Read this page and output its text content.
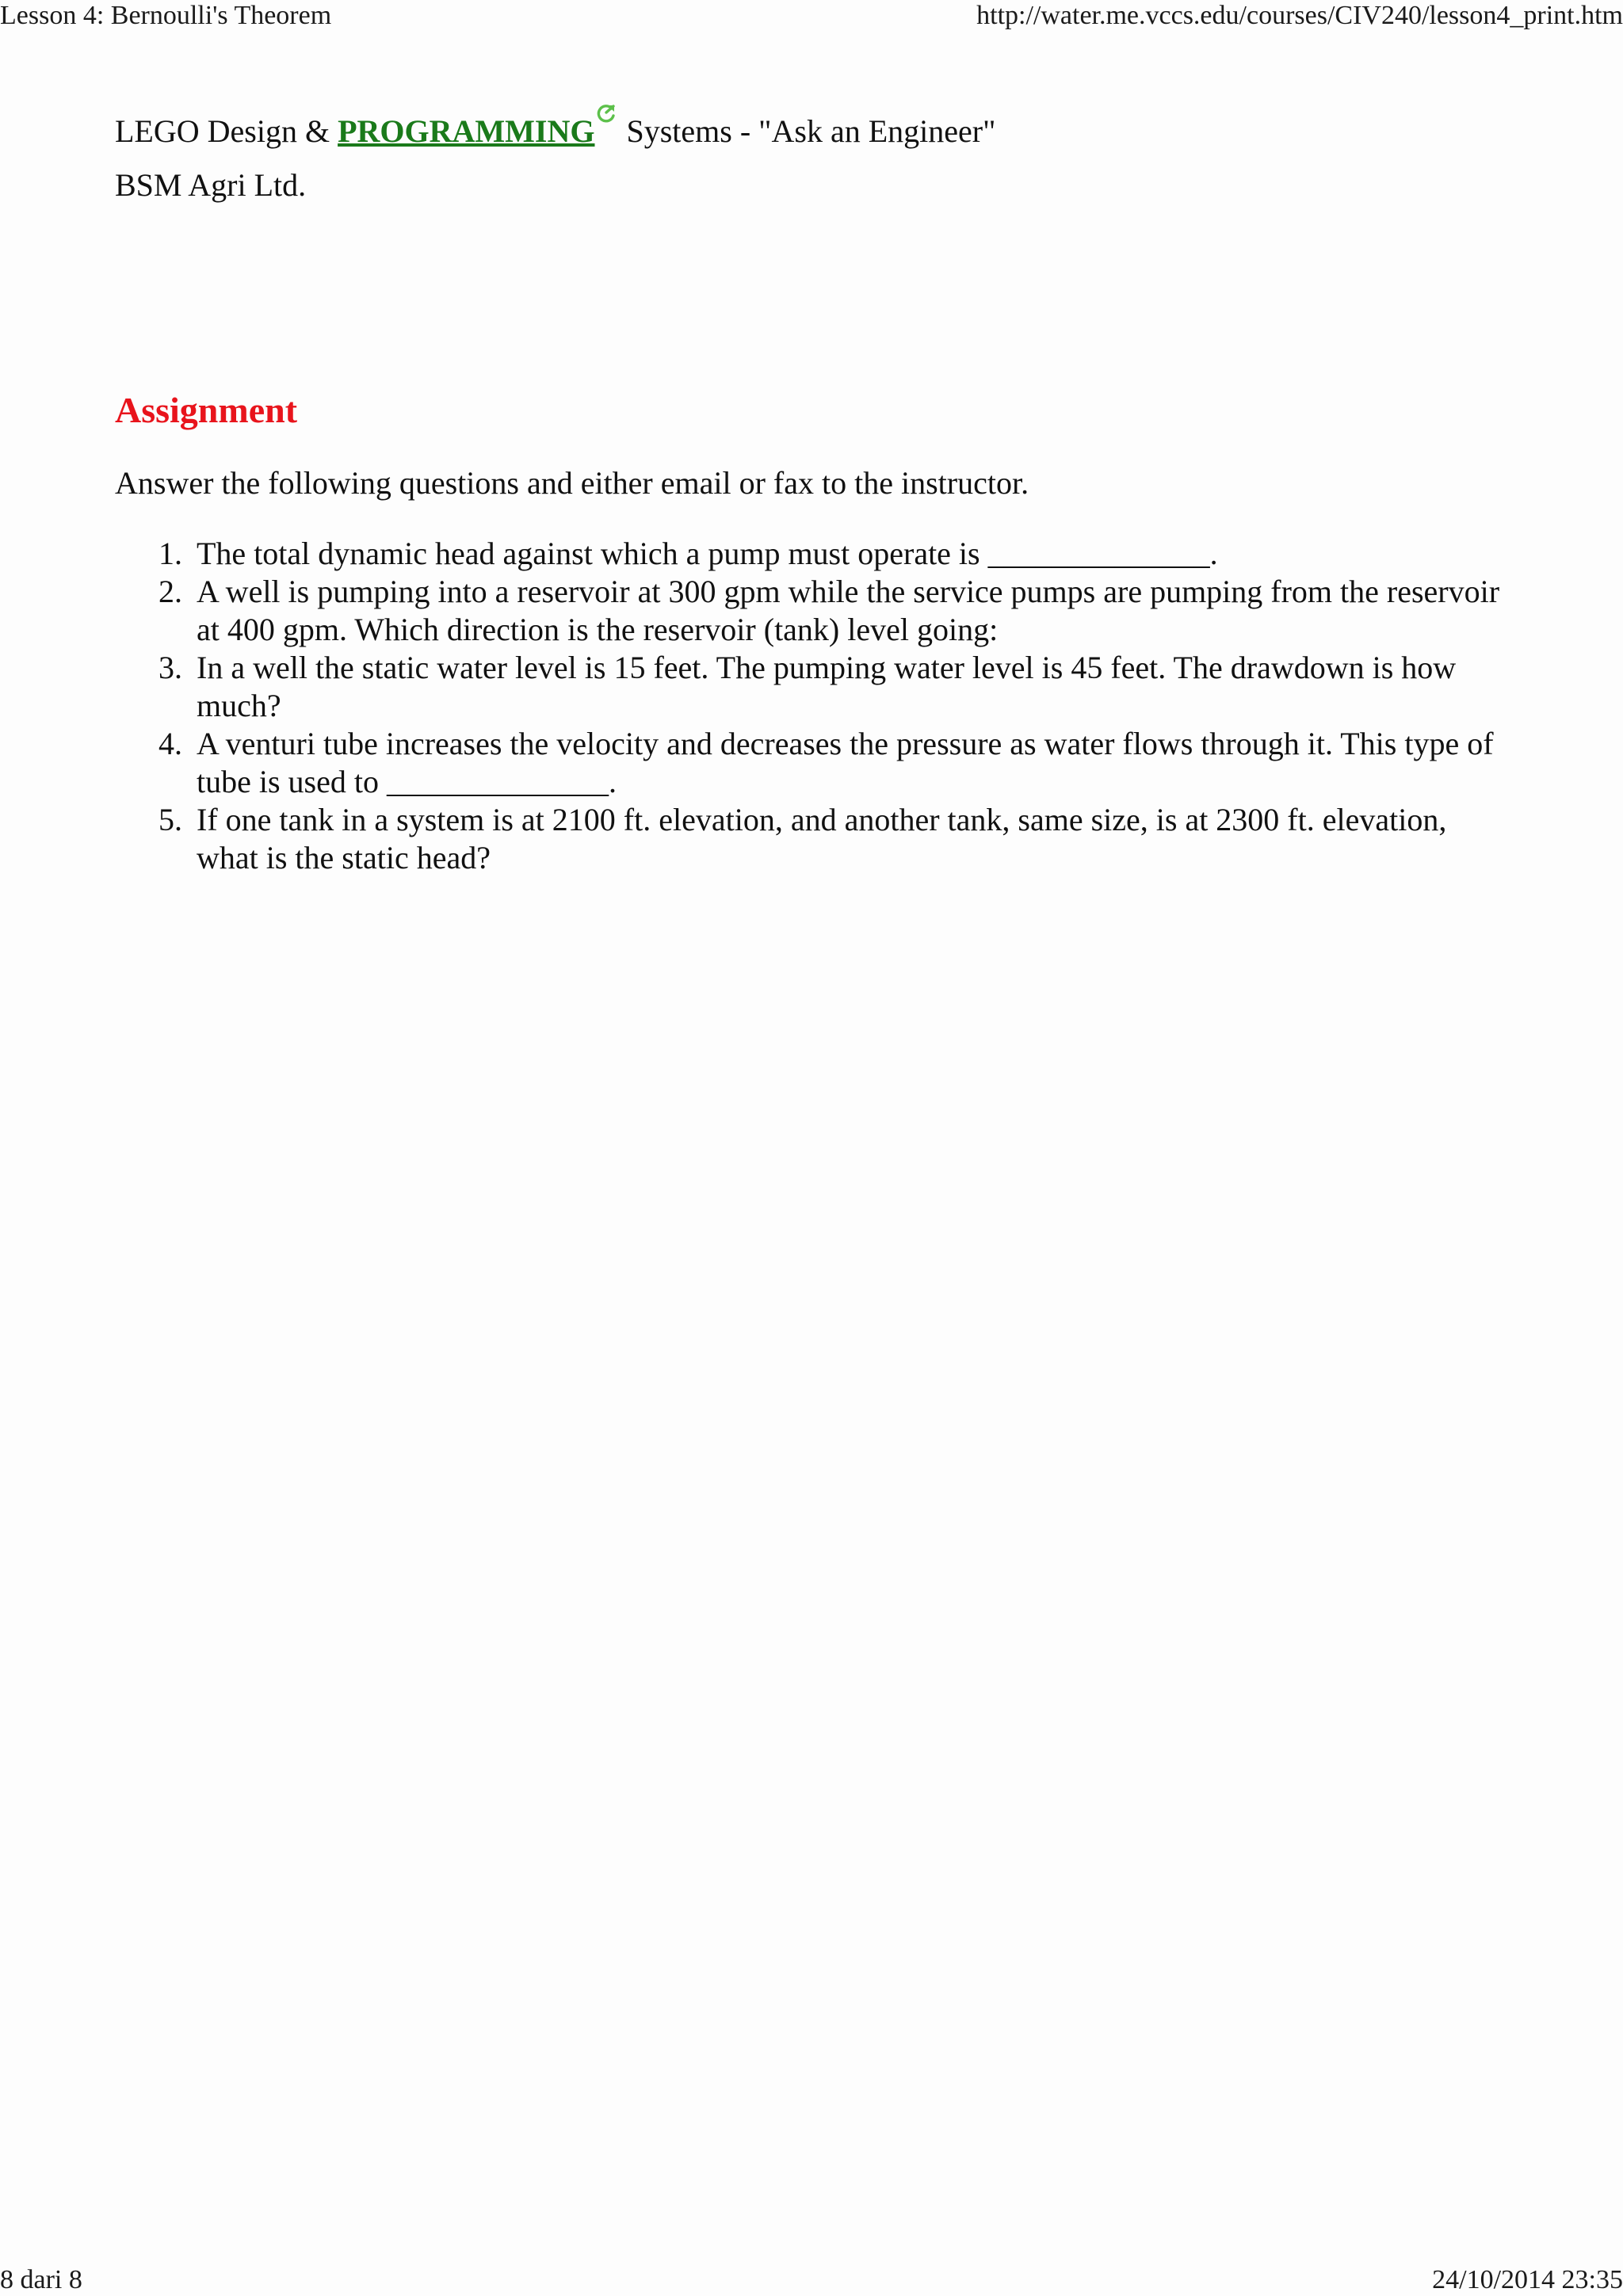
Lesson 4: Bernoulli's Theorem	http://water.me.vccs.edu/courses/CIV240/lesson4_print.htm

LEGO Design & PROGRAMMING Systems - "Ask an Engineer"

BSM Agri Ltd.

Assignment

Answer the following questions and either email or fax to the instructor.

1. The total dynamic head against which a pump must operate is ______________.
2. A well is pumping into a reservoir at 300 gpm while the service pumps are pumping from the reservoir at 400 gpm. Which direction is the reservoir (tank) level going:
3. In a well the static water level is 15 feet. The pumping water level is 45 feet. The drawdown is how much?
4. A venturi tube increases the velocity and decreases the pressure as water flows through it. This type of tube is used to ______________.
5. If one tank in a system is at 2100 ft. elevation, and another tank, same size, is at 2300 ft. elevation, what is the static head?
8 dari 8	24/10/2014 23:35
